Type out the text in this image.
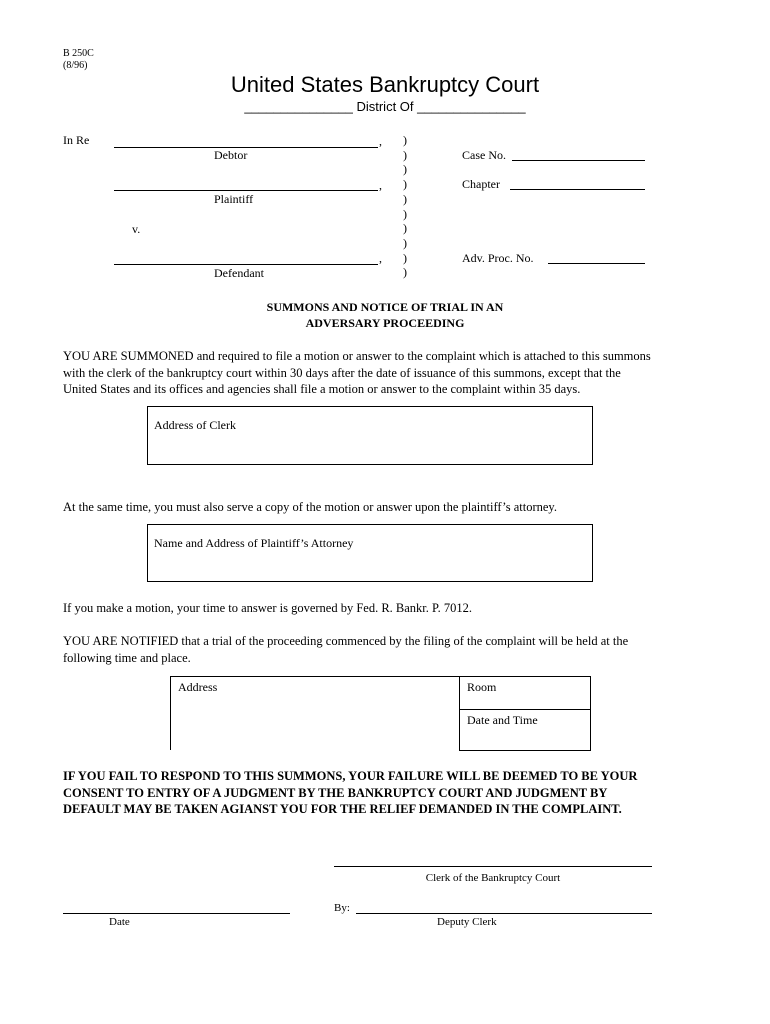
B 250C
(8/96)
United States Bankruptcy Court
_______________ District Of _______________
In Re	,
Debtor
,
Plaintiff
v.
,
Defendant
)
)
)
)
)
)
)
)
)
)
Case No.
Chapter
Adv. Proc. No.
SUMMONS AND NOTICE OF TRIAL IN AN
ADVERSARY PROCEEDING
YOU ARE SUMMONED and required to file a motion or answer to the complaint which is attached to this summons
with the clerk of the bankruptcy court within 30 days after the date of issuance of this summons, except that the
United States and its offices and agencies shall file a motion or answer to the complaint within 35 days.
Address of Clerk
At the same time, you must also serve a copy of the motion or answer upon the plaintiff’s attorney.
Name and Address of Plaintiff’s Attorney
If you make a motion, your time to answer is governed by Fed. R. Bankr. P. 7012.
YOU ARE NOTIFIED that a trial of the proceeding commenced by the filing of the complaint will be held at the
following time and place.
Address	Room
Date and Time
IF YOU FAIL TO RESPOND TO THIS SUMMONS, YOUR FAILURE WILL BE DEEMED TO BE YOUR
CONSENT TO ENTRY OF A JUDGMENT BY THE BANKRUPTCY COURT AND JUDGMENT BY
DEFAULT MAY BE TAKEN AGIANST YOU FOR THE RELIEF DEMANDED IN THE COMPLAINT.
Clerk of the Bankruptcy Court
Date
By:
Deputy Clerk
